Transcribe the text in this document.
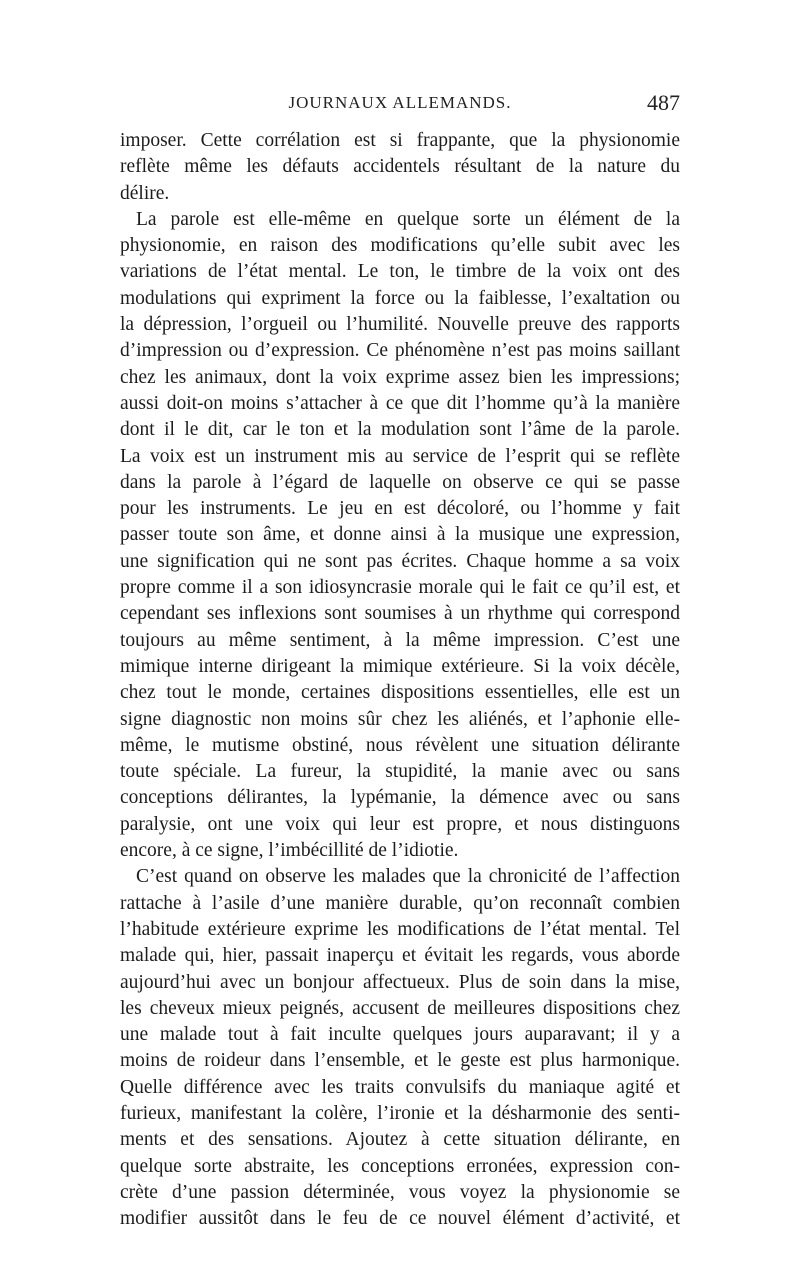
JOURNAUX ALLEMANDS.	487
imposer. Cette corrélation est si frappante, que la physionomie
reflète même les défauts accidentels résultant de la nature du
délire.
La parole est elle-même en quelque sorte un élément de la
physionomie, en raison des modifications qu’elle subit avec les
variations de l’état mental. Le ton, le timbre de la voix ont des
modulations qui expriment la force ou la faiblesse, l’exaltation ou
la dépression, l’orgueil ou l’humilité. Nouvelle preuve des rapports
d’impression ou d’expression. Ce phénomène n’est pas moins saillant
chez les animaux, dont la voix exprime assez bien les impressions;
aussi doit-on moins s’attacher à ce que dit l’homme qu’à la manière
dont il le dit, car le ton et la modulation sont l’âme de la parole.
La voix est un instrument mis au service de l’esprit qui se reflète
dans la parole à l’égard de laquelle on observe ce qui se passe
pour les instruments. Le jeu en est décoloré, ou l’homme y fait
passer toute son âme, et donne ainsi à la musique une expression,
une signification qui ne sont pas écrites. Chaque homme a sa voix
propre comme il a son idiosyncrasie morale qui le fait ce qu’il est, et
cependant ses inflexions sont soumises à un rhythme qui correspond
toujours au même sentiment, à la même impression. C’est une
mimique interne dirigeant la mimique extérieure. Si la voix décèle,
chez tout le monde, certaines dispositions essentielles, elle est un
signe diagnostic non moins sûr chez les aliénés, et l’aphonie elle-
même, le mutisme obstiné, nous révèlent une situation délirante
toute spéciale. La fureur, la stupidité, la manie avec ou sans
conceptions délirantes, la lypémanie, la démence avec ou sans
paralysie, ont une voix qui leur est propre, et nous distinguons
encore, à ce signe, l’imbécillité de l’idiotie.
C’est quand on observe les malades que la chronicité de l’affection
rattache à l’asile d’une manière durable, qu’on reconnaît combien
l’habitude extérieure exprime les modifications de l’état mental. Tel
malade qui, hier, passait inaperçu et évitait les regards, vous aborde
aujourd’hui avec un bonjour affectueux. Plus de soin dans la mise,
les cheveux mieux peignés, accusent de meilleures dispositions chez
une malade tout à fait inculte quelques jours auparavant; il y a
moins de roideur dans l’ensemble, et le geste est plus harmonique.
Quelle différence avec les traits convulsifs du maniaque agité et
furieux, manifestant la colère, l’ironie et la désharmonie des senti-
ments et des sensations. Ajoutez à cette situation délirante, en
quelque sorte abstraite, les conceptions erronées, expression con-
crète d’une passion déterminée, vous voyez la physionomie se
modifier aussitôt dans le feu de ce nouvel élément d’activité, et
